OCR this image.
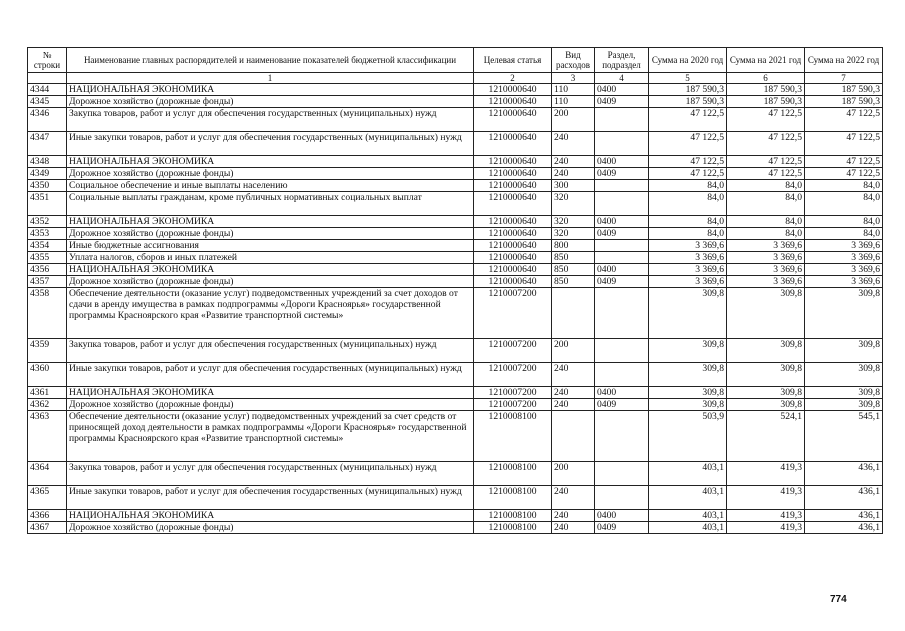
№ строки	Наименование главных распорядителей и наименование показателей бюджетной классификации	Целевая статья	Вид расходов	Раздел, подраздел	Сумма на 2020 год	Сумма на 2021 год	Сумма на 2022 год
	1	2	3	4	5	6	7
4344	НАЦИОНАЛЬНАЯ ЭКОНОМИКА	1210000640	110	0400	187 590,3	187 590,3	187 590,3
4345	Дорожное хозяйство (дорожные фонды)	1210000640	110	0409	187 590,3	187 590,3	187 590,3
4346	Закупка товаров, работ и услуг для обеспечения государственных (муниципальных) нужд	1210000640	200		47 122,5	47 122,5	47 122,5
4347	Иные закупки товаров, работ и услуг для обеспечения государственных (муниципальных) нужд	1210000640	240		47 122,5	47 122,5	47 122,5
4348	НАЦИОНАЛЬНАЯ ЭКОНОМИКА	1210000640	240	0400	47 122,5	47 122,5	47 122,5
4349	Дорожное хозяйство (дорожные фонды)	1210000640	240	0409	47 122,5	47 122,5	47 122,5
4350	Социальное обеспечение и иные выплаты населению	1210000640	300		84,0	84,0	84,0
4351	Социальные выплаты гражданам, кроме публичных нормативных социальных выплат	1210000640	320		84,0	84,0	84,0
4352	НАЦИОНАЛЬНАЯ ЭКОНОМИКА	1210000640	320	0400	84,0	84,0	84,0
4353	Дорожное хозяйство (дорожные фонды)	1210000640	320	0409	84,0	84,0	84,0
4354	Иные бюджетные ассигнования	1210000640	800		3 369,6	3 369,6	3 369,6
4355	Уплата налогов, сборов и иных платежей	1210000640	850		3 369,6	3 369,6	3 369,6
4356	НАЦИОНАЛЬНАЯ ЭКОНОМИКА	1210000640	850	0400	3 369,6	3 369,6	3 369,6
4357	Дорожное хозяйство (дорожные фонды)	1210000640	850	0409	3 369,6	3 369,6	3 369,6
4358	Обеспечение деятельности (оказание услуг) подведомственных учреждений за счет доходов от сдачи в аренду имущества в рамках подпрограммы «Дороги Красноярья» государственной программы Красноярского края «Развитие транспортной системы»	1210007200			309,8	309,8	309,8
4359	Закупка товаров, работ и услуг для обеспечения государственных (муниципальных) нужд	1210007200	200		309,8	309,8	309,8
4360	Иные закупки товаров, работ и услуг для обеспечения государственных (муниципальных) нужд	1210007200	240		309,8	309,8	309,8
4361	НАЦИОНАЛЬНАЯ ЭКОНОМИКА	1210007200	240	0400	309,8	309,8	309,8
4362	Дорожное хозяйство (дорожные фонды)	1210007200	240	0409	309,8	309,8	309,8
4363	Обеспечение деятельности (оказание услуг) подведомственных учреждений за счет средств от приносящей доход деятельности в рамках подпрограммы «Дороги Красноярья» государственной программы Красноярского края «Развитие транспортной системы»	1210008100			503,9	524,1	545,1
4364	Закупка товаров, работ и услуг для обеспечения государственных (муниципальных) нужд	1210008100	200		403,1	419,3	436,1
4365	Иные закупки товаров, работ и услуг для обеспечения государственных (муниципальных) нужд	1210008100	240		403,1	419,3	436,1
4366	НАЦИОНАЛЬНАЯ ЭКОНОМИКА	1210008100	240	0400	403,1	419,3	436,1
4367	Дорожное хозяйство (дорожные фонды)	1210008100	240	0409	403,1	419,3	436,1
774
